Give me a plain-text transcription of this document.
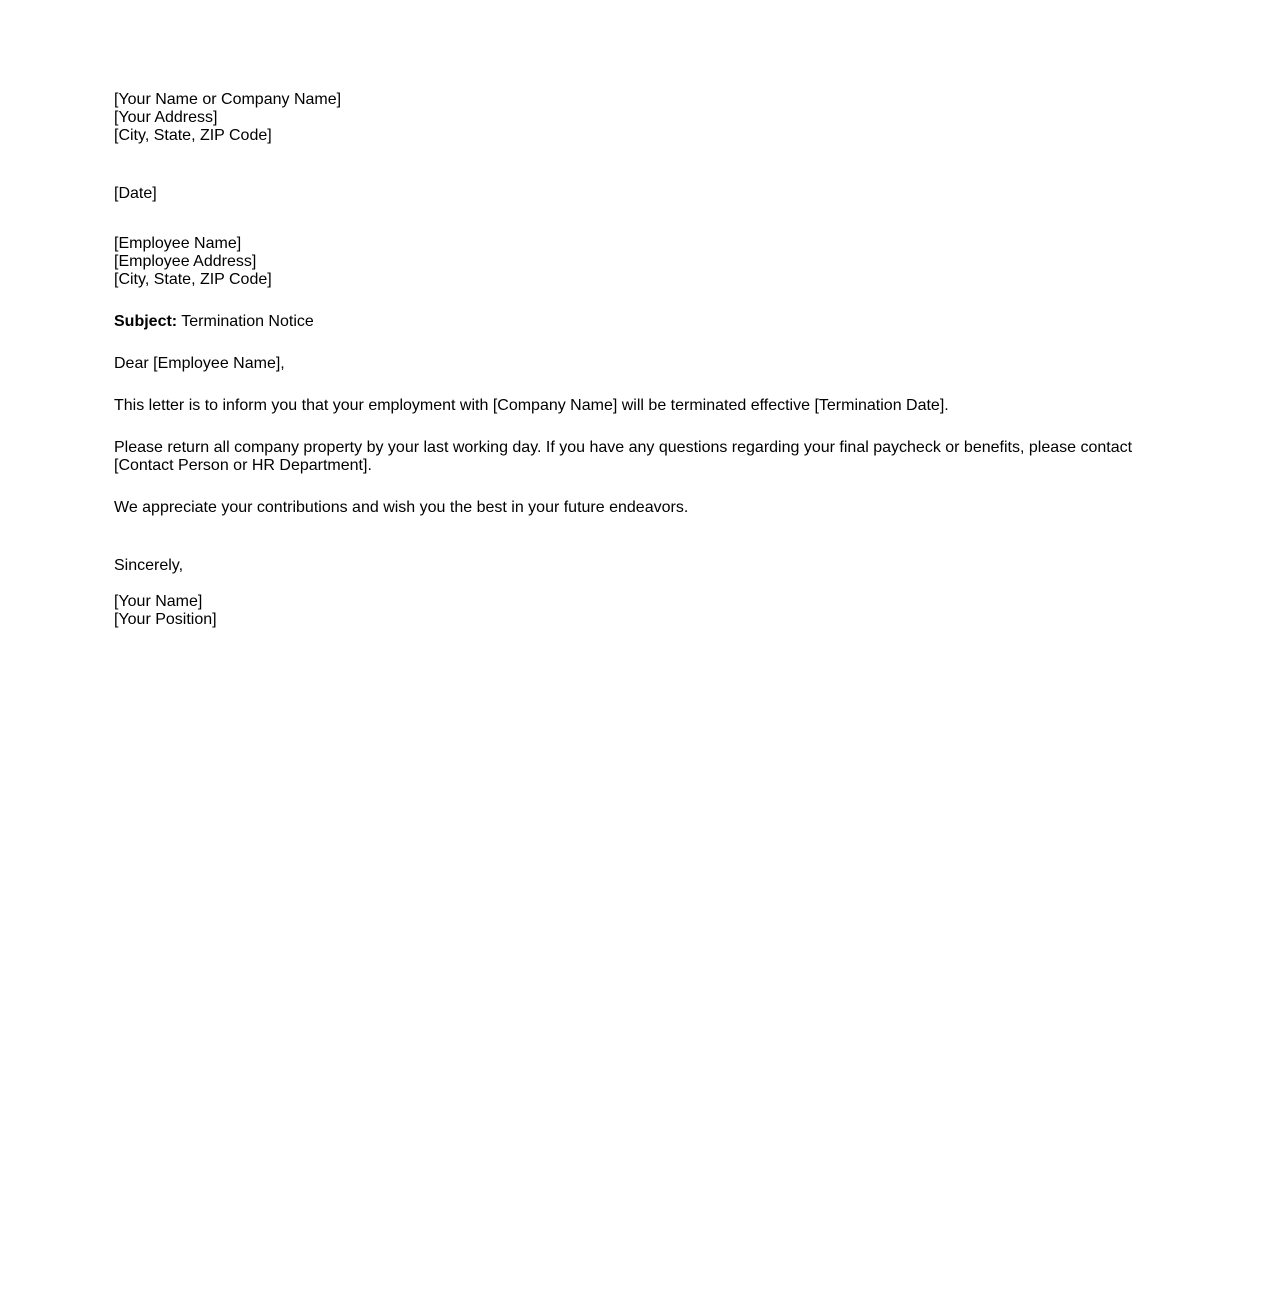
[Your Name or Company Name]
[Your Address]
[City, State, ZIP Code]
[Date]
[Employee Name]
[Employee Address]
[City, State, ZIP Code]
Subject: Termination Notice
Dear [Employee Name],
This letter is to inform you that your employment with [Company Name] will be terminated effective [Termination Date].
Please return all company property by your last working day. If you have any questions regarding your final paycheck or benefits, please contact [Contact Person or HR Department].
We appreciate your contributions and wish you the best in your future endeavors.
Sincerely,
[Your Name]
[Your Position]
